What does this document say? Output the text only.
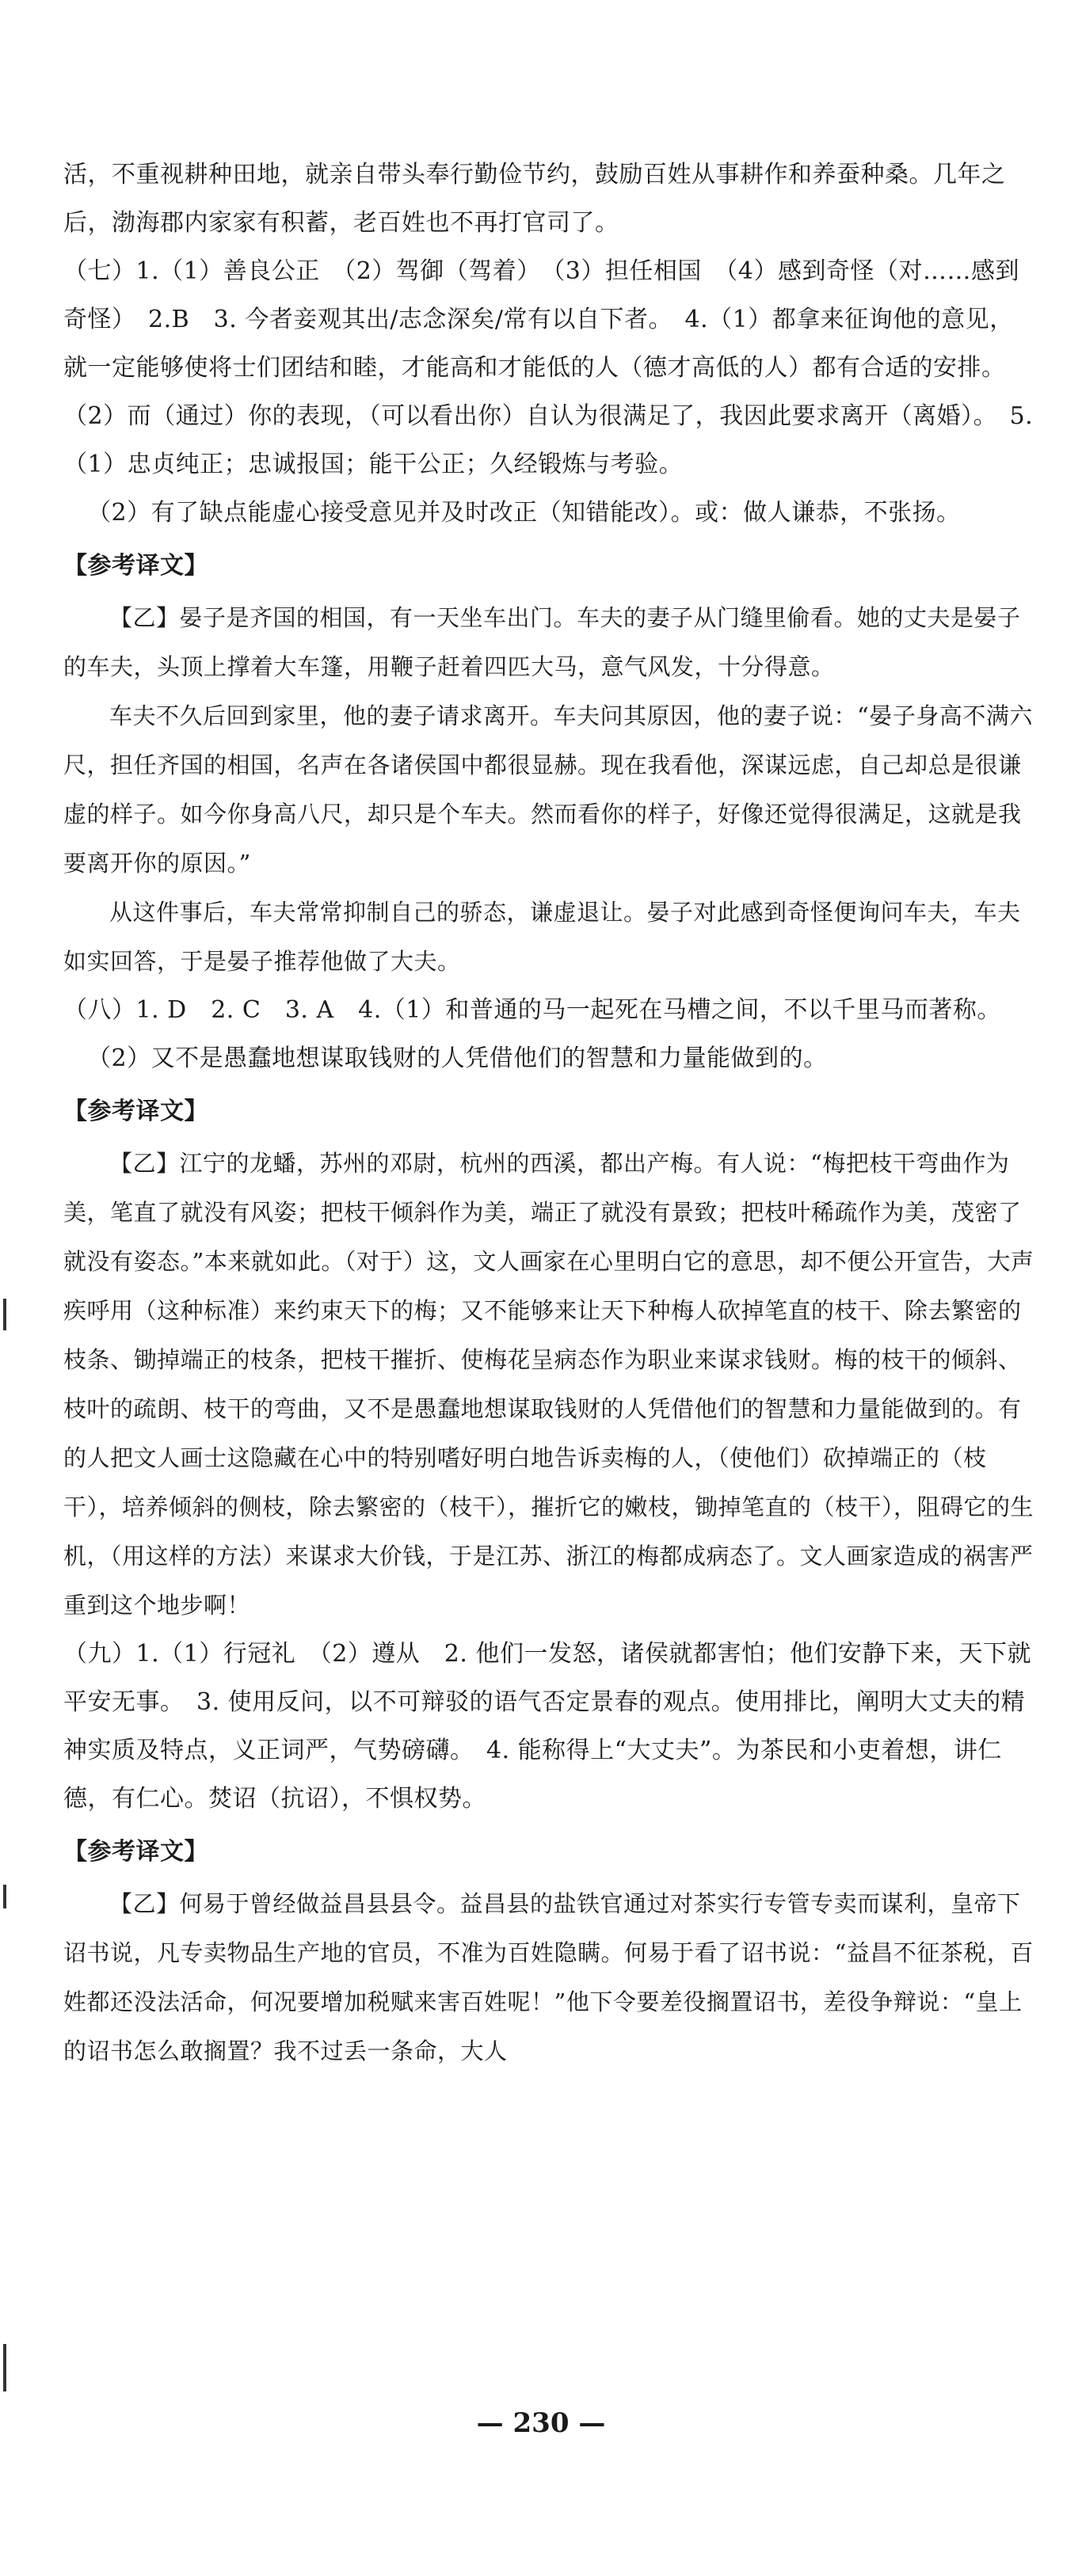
活，不重视耕种田地，就亲自带头奉行勤俭节约，鼓励百姓从事耕作和养蚕种桑。几年之后，渤海郡内家家有积蓄，老百姓也不再打官司了。

（七）1.（1）善良公正　（2）驾御（驾着）　（3）担任相国　（4）感到奇怪（对……感到奇怪）　2.B　3. 今者妾观其出/志念深矣/常有以自下者。　4.（1）都拿来征询他的意见，就一定能够使将士们团结和睦，才能高和才能低的人（德才高低的人）都有合适的安排。　（2）而（通过）你的表现，（可以看出你）自认为很满足了，我因此要求离开（离婚）。　5.（1）忠贞纯正；忠诚报国；能干公正；久经锻炼与考验。

（2）有了缺点能虚心接受意见并及时改正（知错能改）。或：做人谦恭，不张扬。

【参考译文】

【乙】晏子是齐国的相国，有一天坐车出门。车夫的妻子从门缝里偷看。她的丈夫是晏子的车夫，头顶上撑着大车篷，用鞭子赶着四匹大马，意气风发，十分得意。

车夫不久后回到家里，他的妻子请求离开。车夫问其原因，他的妻子说：“晏子身高不满六尺，担任齐国的相国，名声在各诸侯国中都很显赫。现在我看他，深谋远虑，自己却总是很谦虚的样子。如今你身高八尺，却只是个车夫。然而看你的样子，好像还觉得很满足，这就是我要离开你的原因。”

从这件事后，车夫常常抑制自己的骄态，谦虚退让。晏子对此感到奇怪便询问车夫，车夫如实回答，于是晏子推荐他做了大夫。

（八）1. D　2. C　3. A　4.（1）和普通的马一起死在马槽之间，不以千里马而著称。

（2）又不是愚蠢地想谋取钱财的人凭借他们的智慧和力量能做到的。

【参考译文】

【乙】江宁的龙蟠，苏州的邓尉，杭州的西溪，都出产梅。有人说：“梅把枝干弯曲作为美，笔直了就没有风姿；把枝干倾斜作为美，端正了就没有景致；把枝叶稀疏作为美，茂密了就没有姿态。”本来就如此。（对于）这，文人画家在心里明白它的意思，却不便公开宣告，大声疾呼用（这种标准）来约束天下的梅；又不能够来让天下种梅人砍掉笔直的枝干、除去繁密的枝条、锄掉端正的枝条，把枝干摧折、使梅花呈病态作为职业来谋求钱财。梅的枝干的倾斜、枝叶的疏朗、枝干的弯曲，又不是愚蠢地想谋取钱财的人凭借他们的智慧和力量能做到的。有的人把文人画士这隐藏在心中的特别嗜好明白地告诉卖梅的人，（使他们）砍掉端正的（枝干），培养倾斜的侧枝，除去繁密的（枝干），摧折它的嫩枝，锄掉笔直的（枝干），阻碍它的生机，（用这样的方法）来谋求大价钱，于是江苏、浙江的梅都成病态了。文人画家造成的祸害严重到这个地步啊！

（九）1.（1）行冠礼　（2）遵从　2. 他们一发怒，诸侯就都害怕；他们安静下来，天下就平安无事。　3. 使用反问，以不可辩驳的语气否定景春的观点。使用排比，阐明大丈夫的精神实质及特点，义正词严，气势磅礴。　4. 能称得上“大丈夫”。为茶民和小吏着想，讲仁德，有仁心。焚诏（抗诏），不惧权势。

【参考译文】

【乙】何易于曾经做益昌县县令。益昌县的盐铁官通过对茶实行专管专卖而谋利，皇帝下诏书说，凡专卖物品生产地的官员，不准为百姓隐瞒。何易于看了诏书说：“益昌不征茶税，百姓都还没法活命，何况要增加税赋来害百姓呢！”他下令要差役搁置诏书，差役争辩说：“皇上的诏书怎么敢搁置？我不过丢一条命，大人

— 230 —
